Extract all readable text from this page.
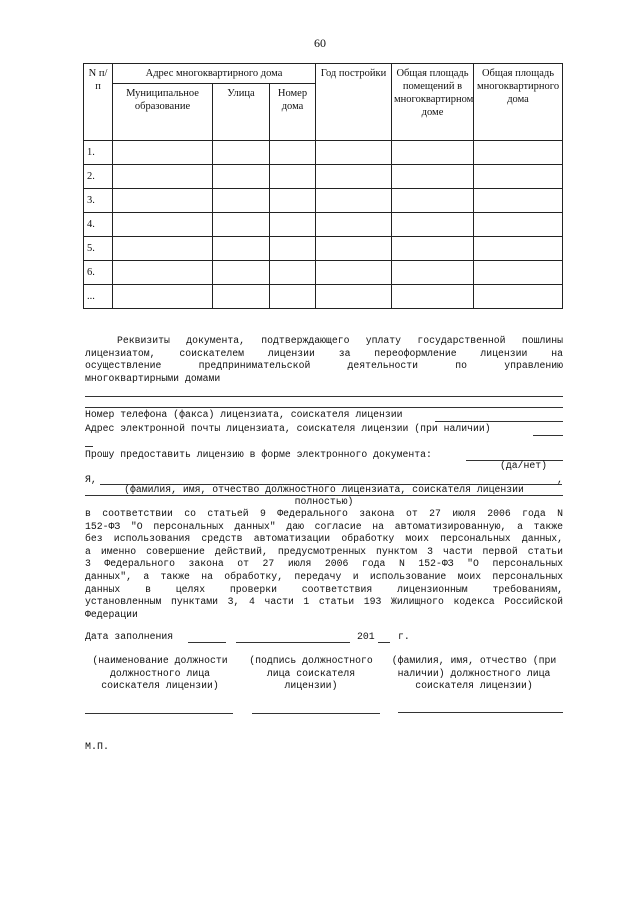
60
N п/п	Адрес многоквартирного дома			Год постройки	Общая площадь помещений в многоквартирном доме	Общая площадь многоквартирного дома
	Муниципальное образование	Улица	Номер дома			
1.						
2.						
3.						
4.						
5.						
6.						
...						
Реквизиты документа, подтверждающего уплату государственной пошлины
лицензиатом, соискателем лицензии за переоформление лицензии на
осуществление предпринимательской деятельности по управлению
многоквартирными домами
Номер телефона (факса) лицензиата, соискателя лицензии
Адрес электронной почты лицензиата, соискателя лицензии (при наличии)
Прошу предоставить лицензию в форме электронного документа:
(да/нет)
Я,	,
(фамилия, имя, отчество должностного лицензиата, соискателя лицензии
полностью)
в соответствии со статьей 9 Федерального закона от 27 июля 2006 года N
152-ФЗ "О персональных данных" даю согласие на автоматизированную, а также
без использования средств автоматизации обработку моих персональных данных,
а именно совершение действий, предусмотренных пунктом 3 части первой статьи
3 Федерального закона от 27 июля 2006 года N 152-ФЗ "О персональных
данных", а также на обработку, передачу и использование моих персональных
данных в целях проверки соответствия лицензионным требованиям,
установленным пунктами 3, 4 части 1 статьи 193 Жилищного кодекса Российской
Федерации
Дата заполнения	201 г.
(наименование должности должностного лица соискателя лицензии)
(подпись должностного лица соискателя лицензии)
(фамилия, имя, отчество (при наличии) должностного лица соискателя лицензии)
М.П.
